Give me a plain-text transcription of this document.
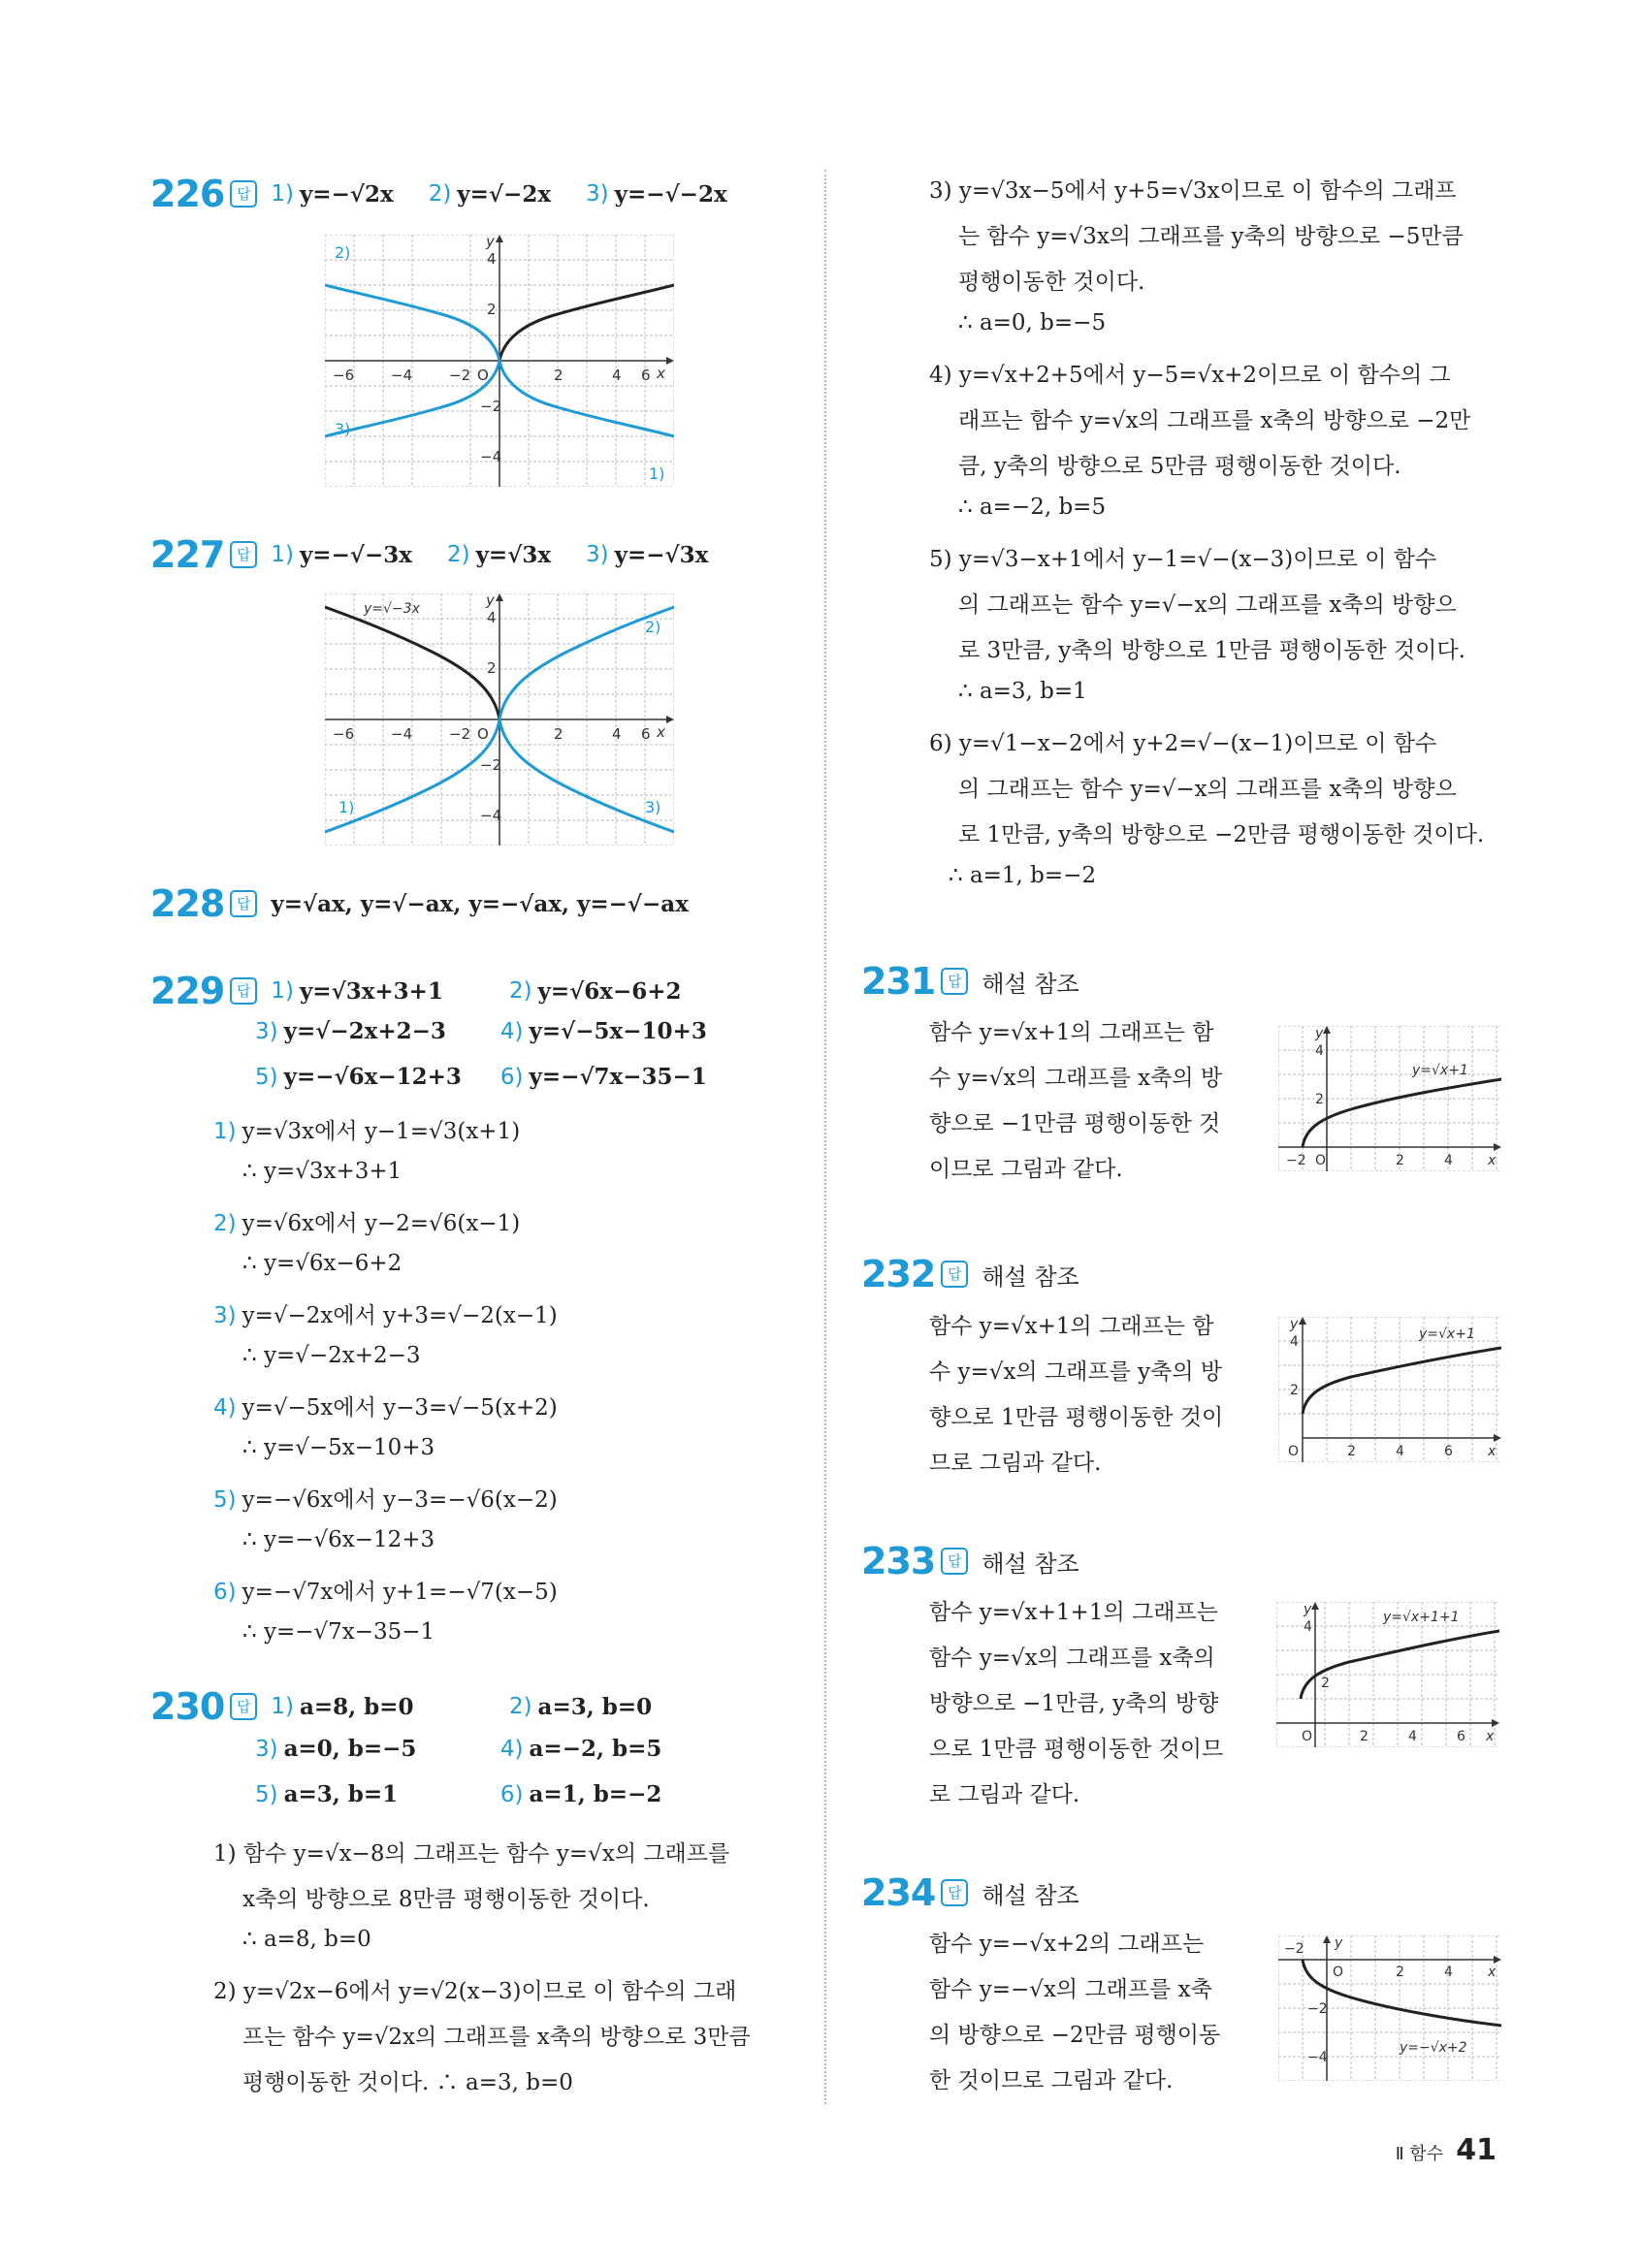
226 답 1) y=−√2x 2) y=√−2x 3) y=−√−2x
−6	−4	−2	2	4 6
4
2
−2
−4
O	x
y
2)
3)
1)
227 답 1) y=−√−3x 2) y=√3x 3) y=−√3x
−6	−4	−2	2	4 6
4
2
−2
−4
O	x
y
y=√−3x
2)
1)	3)
228 답 y=√ax, y=√−ax, y=−√ax, y=−√−ax
229 답 1) y=√3x+3+1	2) y=√6x−6+2
3) y=√−2x+2−3 4) y=√−5x−10+3
5) y=−√6x−12+3 6) y=−√7x−35−1
1) y=√3x에서 y−1=√3(x+1)
∴ y=√3x+3+1
2) y=√6x에서 y−2=√6(x−1)
∴ y=√6x−6+2
3) y=√−2x에서 y+3=√−2(x−1)
∴ y=√−2x+2−3
4) y=√−5x에서 y−3=√−5(x+2)
∴ y=√−5x−10+3
5) y=−√6x에서 y−3=−√6(x−2)
∴ y=−√6x−12+3
6) y=−√7x에서 y+1=−√7(x−5)
∴ y=−√7x−35−1
230 답 1) a=8, b=0	2) a=3, b=0
3) a=0, b=−5	4) a=−2, b=5
5) a=3, b=1	6) a=1, b=−2
1) 함수 y=√x−8의 그래프는 함수 y=√x의 그래프를
x축의 방향으로 8만큼 평행이동한 것이다.
∴ a=8, b=0
2) y=√2x−6에서 y=√2(x−3)이므로 이 함수의 그래
프는 함수 y=√2x의 그래프를 x축의 방향으로 3만큼
평행이동한 것이다. ∴ a=3, b=0
3) y=√3x−5에서 y+5=√3x이므로 이 함수의 그래프
는 함수 y=√3x의 그래프를 y축의 방향으로 −5만큼
평행이동한 것이다.
∴ a=0, b=−5
4) y=√x+2+5에서 y−5=√x+2이므로 이 함수의 그
래프는 함수 y=√x의 그래프를 x축의 방향으로 −2만
큼, y축의 방향으로 5만큼 평행이동한 것이다.
∴ a=−2, b=5
5) y=√3−x+1에서 y−1=√−(x−3)이므로 이 함수
의 그래프는 함수 y=√−x의 그래프를 x축의 방향으
로 3만큼, y축의 방향으로 1만큼 평행이동한 것이다.
∴ a=3, b=1
6) y=√1−x−2에서 y+2=√−(x−1)이므로 이 함수
의 그래프는 함수 y=√−x의 그래프를 x축의 방향으
로 1만큼, y축의 방향으로 −2만큼 평행이동한 것이다.
∴ a=1, b=−2
231 답 해설 참조
함수 y=√x+1의 그래프는 함
수 y=√x의 그래프를 x축의 방
향으로 −1만큼 평행이동한 것
이므로 그림과 같다.	−2	2	4
4
2
O	x
y
y=√x+1
232 답 해설 참조
함수 y=√x+1의 그래프는 함
수 y=√x의 그래프를 y축의 방
향으로 1만큼 평행이동한 것이
므로 그림과 같다.	2	4	6
4
2
O	x
y
y=√x+1
233 답 해설 참조
함수 y=√x+1+1의 그래프는
함수 y=√x의 그래프를 x축의
방향으로 −1만큼, y축의 방향
으로 1만큼 평행이동한 것이므
로 그림과 같다.
2	4	6
4
2
O	x
y	y=√x+1+1
234 답 해설 참조
함수 y=−√x+2의 그래프는
함수 y=−√x의 그래프를 x축
의 방향으로 −2만큼 평행이동
한 것이므로 그림과 같다.
−2
2	4
−2
−4
O	x
y
y=−√x+2
Ⅱ 함수 41
